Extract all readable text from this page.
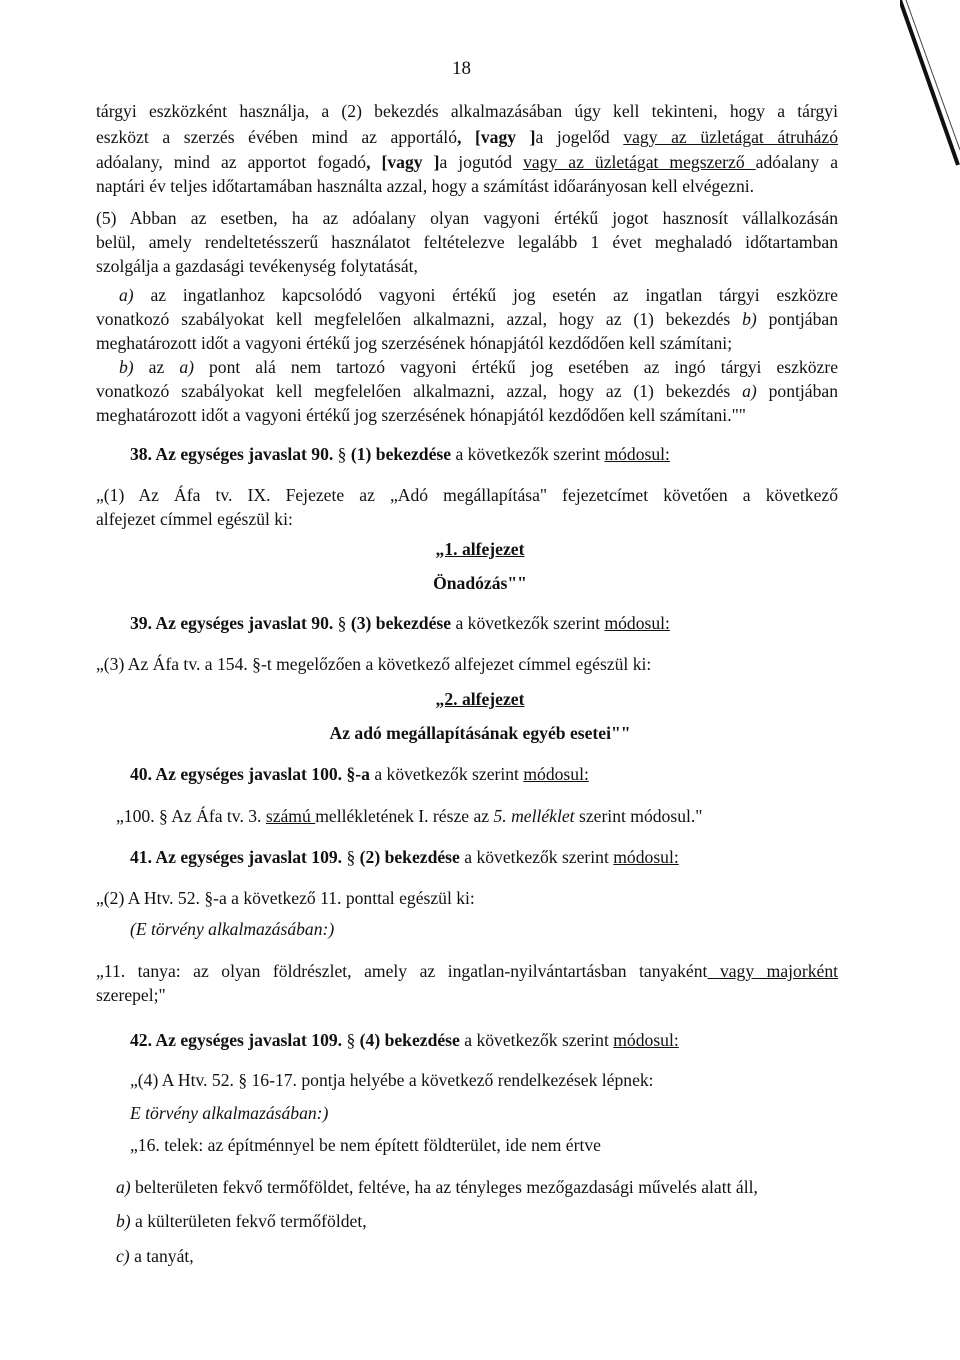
18
tárgyi eszközként használja, a (2) bekezdés alkalmazásában úgy kell tekinteni, hogy a tárgyi
eszközt a szerzés évében mind az apportáló, [vagy ]a jogelőd vagy az üzletágat átruházó
adóalany, mind az apportot fogadó, [vagy ]a jogutód vagy az üzletágat megszerző adóalany a
naptári év teljes időtartamában használta azzal, hogy a számítást időarányosan kell elvégezni.
(5) Abban az esetben, ha az adóalany olyan vagyoni értékű jogot hasznosít vállalkozásán
belül, amely rendeltetésszerű használatot feltételezve legalább 1 évet meghaladó időtartamban
szolgálja a gazdasági tevékenység folytatását,
a) az ingatlanhoz kapcsolódó vagyoni értékű jog esetén az ingatlan tárgyi eszközre
vonatkozó szabályokat kell megfelelően alkalmazni, azzal, hogy az (1) bekezdés b) pontjában
meghatározott időt a vagyoni értékű jog szerzésének hónapjától kezdődően kell számítani;
b) az a) pont alá nem tartozó vagyoni értékű jog esetében az ingó tárgyi eszközre
vonatkozó szabályokat kell megfelelően alkalmazni, azzal, hogy az (1) bekezdés a) pontjában
meghatározott időt a vagyoni értékű jog szerzésének hónapjától kezdődően kell számítani.""
38. Az egységes javaslat 90. § (1) bekezdése a következők szerint módosul:
„(1) Az Áfa tv. IX. Fejezete az „Adó megállapítása" fejezetcímet követően a következő
alfejezet címmel egészül ki:
„1. alfejezet
Önadózás""
39. Az egységes javaslat 90. § (3) bekezdése a következők szerint módosul:
„(3) Az Áfa tv. a 154. §-t megelőzően a következő alfejezet címmel egészül ki:
„2. alfejezet
Az adó megállapításának egyéb esetei""
40. Az egységes javaslat 100. §-a a következők szerint módosul:
„100. § Az Áfa tv. 3. számú mellékletének I. része az 5. melléklet szerint módosul."
41. Az egységes javaslat 109. § (2) bekezdése a következők szerint módosul:
„(2) A Htv. 52. §-a a következő 11. ponttal egészül ki:
(E törvény alkalmazásában:)
„11. tanya: az olyan földrészlet, amely az ingatlan-nyilvántartásban tanyaként vagy majorként
szerepel;"
42. Az egységes javaslat 109. § (4) bekezdése a következők szerint módosul:
„(4) A Htv. 52. § 16-17. pontja helyébe a következő rendelkezések lépnek:
E törvény alkalmazásában:)
„16. telek: az építménnyel be nem épített földterület, ide nem értve
a) belterületen fekvő termőföldet, feltéve, ha az tényleges mezőgazdasági művelés alatt áll,
b) a külterületen fekvő termőföldet,
c) a tanyát,
